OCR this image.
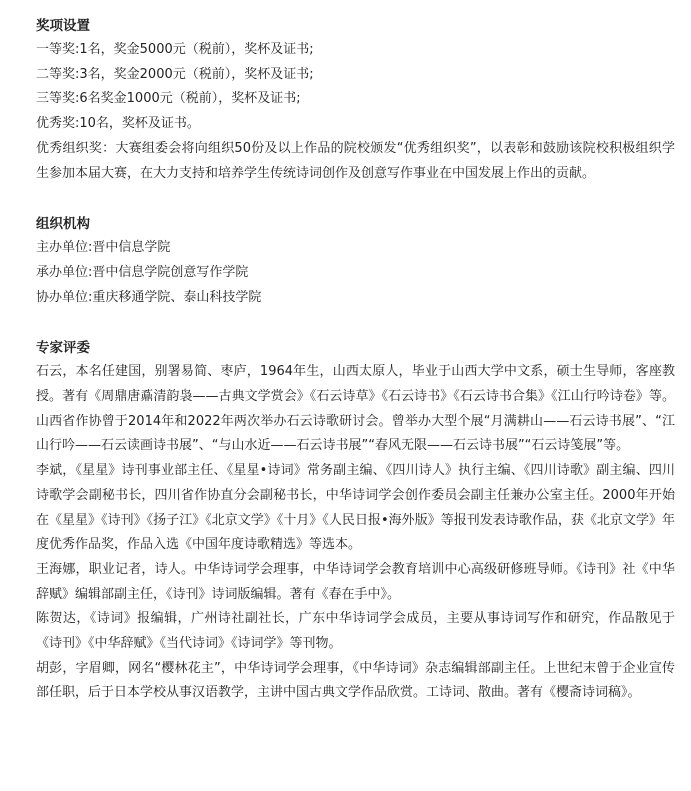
奖项设置

一等奖:1名，奖金5000元（税前），奖杯及证书;

二等奖:3名，奖金2000元（税前），奖杯及证书;

三等奖:6名奖金1000元（税前），奖杯及证书;

优秀奖:10名，奖杯及证书。

优秀组织奖：大赛组委会将向组织50份及以上作品的院校颁发“优秀组织奖”，以表彰和鼓励该院校积极组织学生参加本届大赛，在大力支持和培养学生传统诗词创作及创意写作事业在中国发展上作出的贡献。

组织机构

主办单位:晋中信息学院

承办单位:晋中信息学院创意写作学院

协办单位:重庆移通学院、泰山科技学院

专家评委

石云，本名任建国，别署易简、枣庐，1964年生，山西太原人，毕业于山西大学中文系，硕士生导师，客座教授。著有《周鼎唐鼒清韵袅——古典文学赏会》《石云诗草》《石云诗书》《石云诗书合集》《江山行吟诗卷》等。山西省作协曾于2014年和2022年两次举办石云诗歌研讨会。曾举办大型个展“月满耕山——石云诗书展”、“江山行吟——石云读画诗书展”、“与山水近——石云诗书展”“春风无限——石云诗书展”“石云诗笺展”等。

李斌，《星星》诗刊事业部主任、《星星•诗词》常务副主编、《四川诗人》执行主编、《四川诗歌》副主编、四川诗歌学会副秘书长，四川省作协直分会副秘书长，中华诗词学会创作委员会副主任兼办公室主任。2000年开始在《星星》《诗刊》《扬子江》《北京文学》《十月》《人民日报•海外版》等报刊发表诗歌作品，获《北京文学》年度优秀作品奖，作品入选《中国年度诗歌精选》等选本。

王海娜，职业记者，诗人。中华诗词学会理事，中华诗词学会教育培训中心高级研修班导师。《诗刊》社《中华辞赋》编辑部副主任，《诗刊》诗词版编辑。著有《春在手中》。

陈贺达，《诗词》报编辑，广州诗社副社长，广东中华诗词学会成员，主要从事诗词写作和研究，作品散见于《诗刊》《中华辞赋》《当代诗词》《诗词学》等刊物。

胡彭，字眉卿，网名“樱林花主”，中华诗词学会理事，《中华诗词》杂志编辑部副主任。上世纪末曾于企业宣传部任职，后于日本学校从事汉语教学，主讲中国古典文学作品欣赏。工诗词、散曲。著有《樱斋诗词稿》。
